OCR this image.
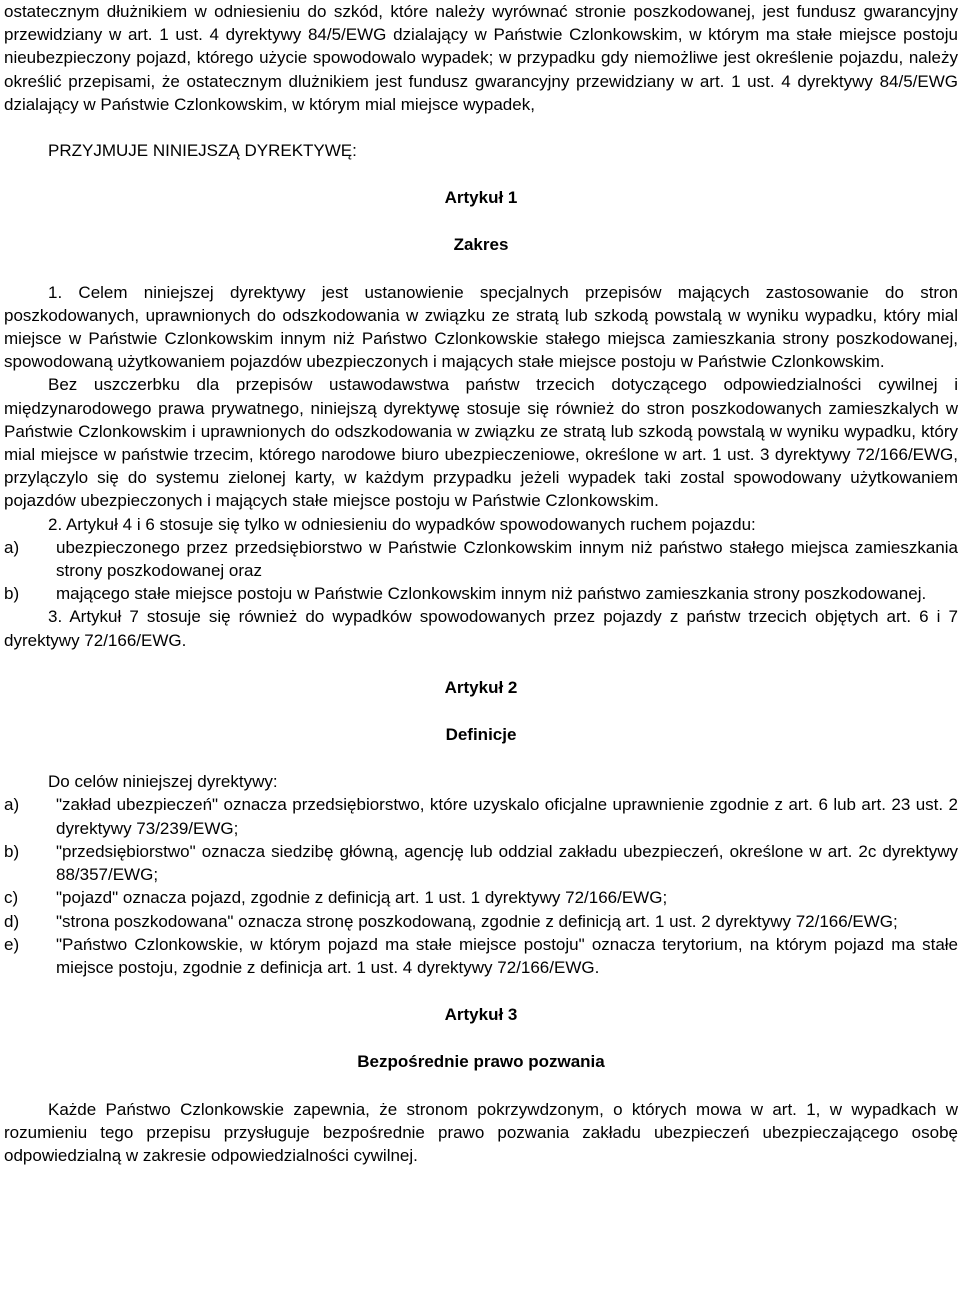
ostatecznym dłużnikiem w odniesieniu do szkód, które należy wyrównać stronie poszkodowanej, jest fundusz gwarancyjny przewidziany w art. 1 ust. 4 dyrektywy 84/5/EWG dzialający w Państwie Czlonkowskim, w którym ma stałe miejsce postoju nieubezpieczony pojazd, którego użycie spowodowalo wypadek; w przypadku gdy niemożliwe jest określenie pojazdu, należy określić przepisami, że ostatecznym dlużnikiem jest fundusz gwarancyjny przewidziany w art. 1 ust. 4 dyrektywy 84/5/EWG dzialający w Państwie Czlonkowskim, w którym mial miejsce wypadek,

PRZYJMUJE NINIEJSZĄ DYREKTYWĘ:

Artykuł 1

Zakres

1. Celem niniejszej dyrektywy jest ustanowienie specjalnych przepisów mających zastosowanie do stron poszkodowanych, uprawnionych do odszkodowania w związku ze stratą lub szkodą powstalą w wyniku wypadku, który mial miejsce w Państwie Czlonkowskim innym niż Państwo Czlonkowskie stałego miejsca zamieszkania strony poszkodowanej, spowodowaną użytkowaniem pojazdów ubezpieczonych i mających stałe miejsce postoju w Państwie Czlonkowskim.

Bez uszczerbku dla przepisów ustawodawstwa państw trzecich dotyczącego odpowiedzialności cywilnej i międzynarodowego prawa prywatnego, niniejszą dyrektywę stosuje się również do stron poszkodowanych zamieszkalych w Państwie Czlonkowskim i uprawnionych do odszkodowania w związku ze stratą lub szkodą powstalą w wyniku wypadku, który mial miejsce w państwie trzecim, którego narodowe biuro ubezpieczeniowe, określone w art. 1 ust. 3 dyrektywy 72/166/EWG, przylączylo się do systemu zielonej karty, w każdym przypadku jeżeli wypadek taki zostal spowodowany użytkowaniem pojazdów ubezpieczonych i mających stałe miejsce postoju w Państwie Czlonkowskim.

2. Artykuł 4 i 6 stosuje się tylko w odniesieniu do wypadków spowodowanych ruchem pojazdu:

a)	ubezpieczonego przez przedsiębiorstwo w Państwie Czlonkowskim innym niż państwo stałego miejsca zamieszkania strony poszkodowanej oraz
b)	mającego stałe miejsce postoju w Państwie Czlonkowskim innym niż państwo zamieszkania strony poszkodowanej.

3. Artykuł 7 stosuje się również do wypadków spowodowanych przez pojazdy z państw trzecich objętych art. 6 i 7 dyrektywy 72/166/EWG.

Artykuł 2

Definicje

Do celów niniejszej dyrektywy:

a)	"zakład ubezpieczeń" oznacza przedsiębiorstwo, które uzyskalo oficjalne uprawnienie zgodnie z art. 6 lub art. 23 ust. 2 dyrektywy 73/239/EWG;
b)	"przedsiębiorstwo" oznacza siedzibę główną, agencję lub oddzial zakładu ubezpieczeń, określone w art. 2c dyrektywy 88/357/EWG;
c)	"pojazd" oznacza pojazd, zgodnie z definicją art. 1 ust. 1 dyrektywy 72/166/EWG;
d)	"strona poszkodowana" oznacza stronę poszkodowaną, zgodnie z definicją art. 1 ust. 2 dyrektywy 72/166/EWG;
e)	"Państwo Czlonkowskie, w którym pojazd ma stałe miejsce postoju" oznacza terytorium, na którym pojazd ma stałe miejsce postoju, zgodnie z definicja art. 1 ust. 4 dyrektywy 72/166/EWG.

Artykuł 3

Bezpośrednie prawo pozwania

Każde Państwo Czlonkowskie zapewnia, że stronom pokrzywdzonym, o których mowa w art. 1, w wypadkach w rozumieniu tego przepisu przysługuje bezpośrednie prawo pozwania zakładu ubezpieczeń ubezpieczającego osobę odpowiedzialną w zakresie odpowiedzialności cywilnej.
